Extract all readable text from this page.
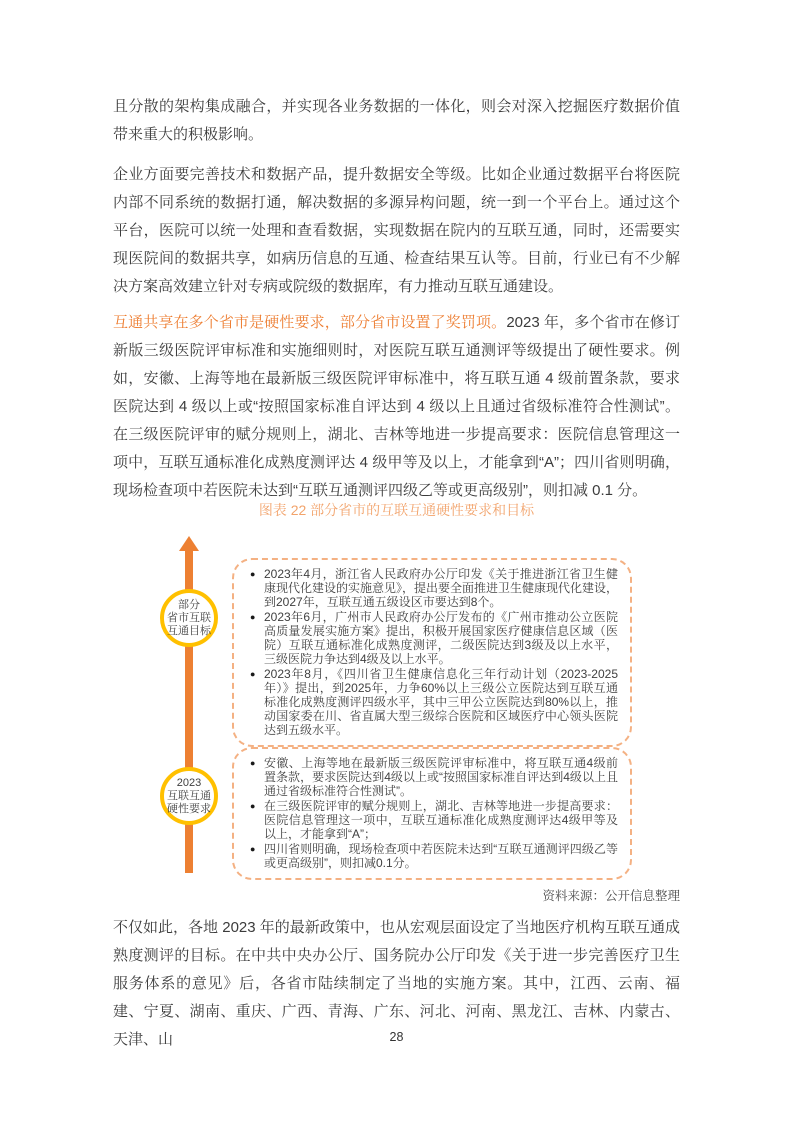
且分散的架构集成融合，并实现各业务数据的一体化，则会对深入挖掘医疗数据价值带来重大的积极影响。

企业方面要完善技术和数据产品，提升数据安全等级。比如企业通过数据平台将医院内部不同系统的数据打通，解决数据的多源异构问题，统一到一个平台上。通过这个平台，医院可以统一处理和查看数据，实现数据在院内的互联互通，同时，还需要实现医院间的数据共享，如病历信息的互通、检查结果互认等。目前，行业已有不少解决方案高效建立针对专病或院级的数据库，有力推动互联互通建设。

互通共享在多个省市是硬性要求，部分省市设置了奖罚项。2023 年，多个省市在修订新版三级医院评审标准和实施细则时，对医院互联互通测评等级提出了硬性要求。例如，安徽、上海等地在最新版三级医院评审标准中，将互联互通 4 级前置条款，要求医院达到 4 级以上或“按照国家标准自评达到 4 级以上且通过省级标准符合性测试”。在三级医院评审的赋分规则上，湖北、吉林等地进一步提高要求：医院信息管理这一项中，互联互通标准化成熟度测评达 4 级甲等及以上，才能拿到“A”；四川省则明确，现场检查项中若医院未达到“互联互通测评四级乙等或更高级别”，则扣减 0.1 分。

图表 22 部分省市的互联互通硬性要求和目标
部分
省市互联
互通目标
2023
互联互通
硬性要求
● 2023年4月，浙江省人民政府办公厅印发《关于推进浙江省卫生健康现代化建设的实施意见》，提出要全面推进卫生健康现代化建设，到2027年，互联互通五级设区市要达到8个。
● 2023年6月，广州市人民政府办公厅发布的《广州市推动公立医院高质量发展实施方案》提出，积极开展国家医疗健康信息区域（医院）互联互通标准化成熟度测评，二级医院达到3级及以上水平，三级医院力争达到4级及以上水平。
● 2023年8月，《四川省卫生健康信息化三年行动计划（2023-2025年）》提出，到2025年，力争60%以上三级公立医院达到互联互通标准化成熟度测评四级水平，其中三甲公立医院达到80%以上，推动国家委在川、省直属大型三级综合医院和区域医疗中心领头医院达到五级水平。
● 安徽、上海等地在最新版三级医院评审标准中，将互联互通4级前置条款，要求医院达到4级以上或“按照国家标准自评达到4级以上且通过省级标准符合性测试”。
● 在三级医院评审的赋分规则上，湖北、吉林等地进一步提高要求：医院信息管理这一项中，互联互通标准化成熟度测评达4级甲等及以上，才能拿到“A”；
● 四川省则明确，现场检查项中若医院未达到“互联互通测评四级乙等或更高级别”，则扣减0.1分。
资料来源：公开信息整理

不仅如此，各地 2023 年的最新政策中，也从宏观层面设定了当地医疗机构互联互通成熟度测评的目标。在中共中央办公厅、国务院办公厅印发《关于进一步完善医疗卫生服务体系的意见》后，各省市陆续制定了当地的实施方案。其中，江西、云南、福建、宁夏、湖南、重庆、广西、青海、广东、河北、河南、黑龙江、吉林、内蒙古、天津、山	28
